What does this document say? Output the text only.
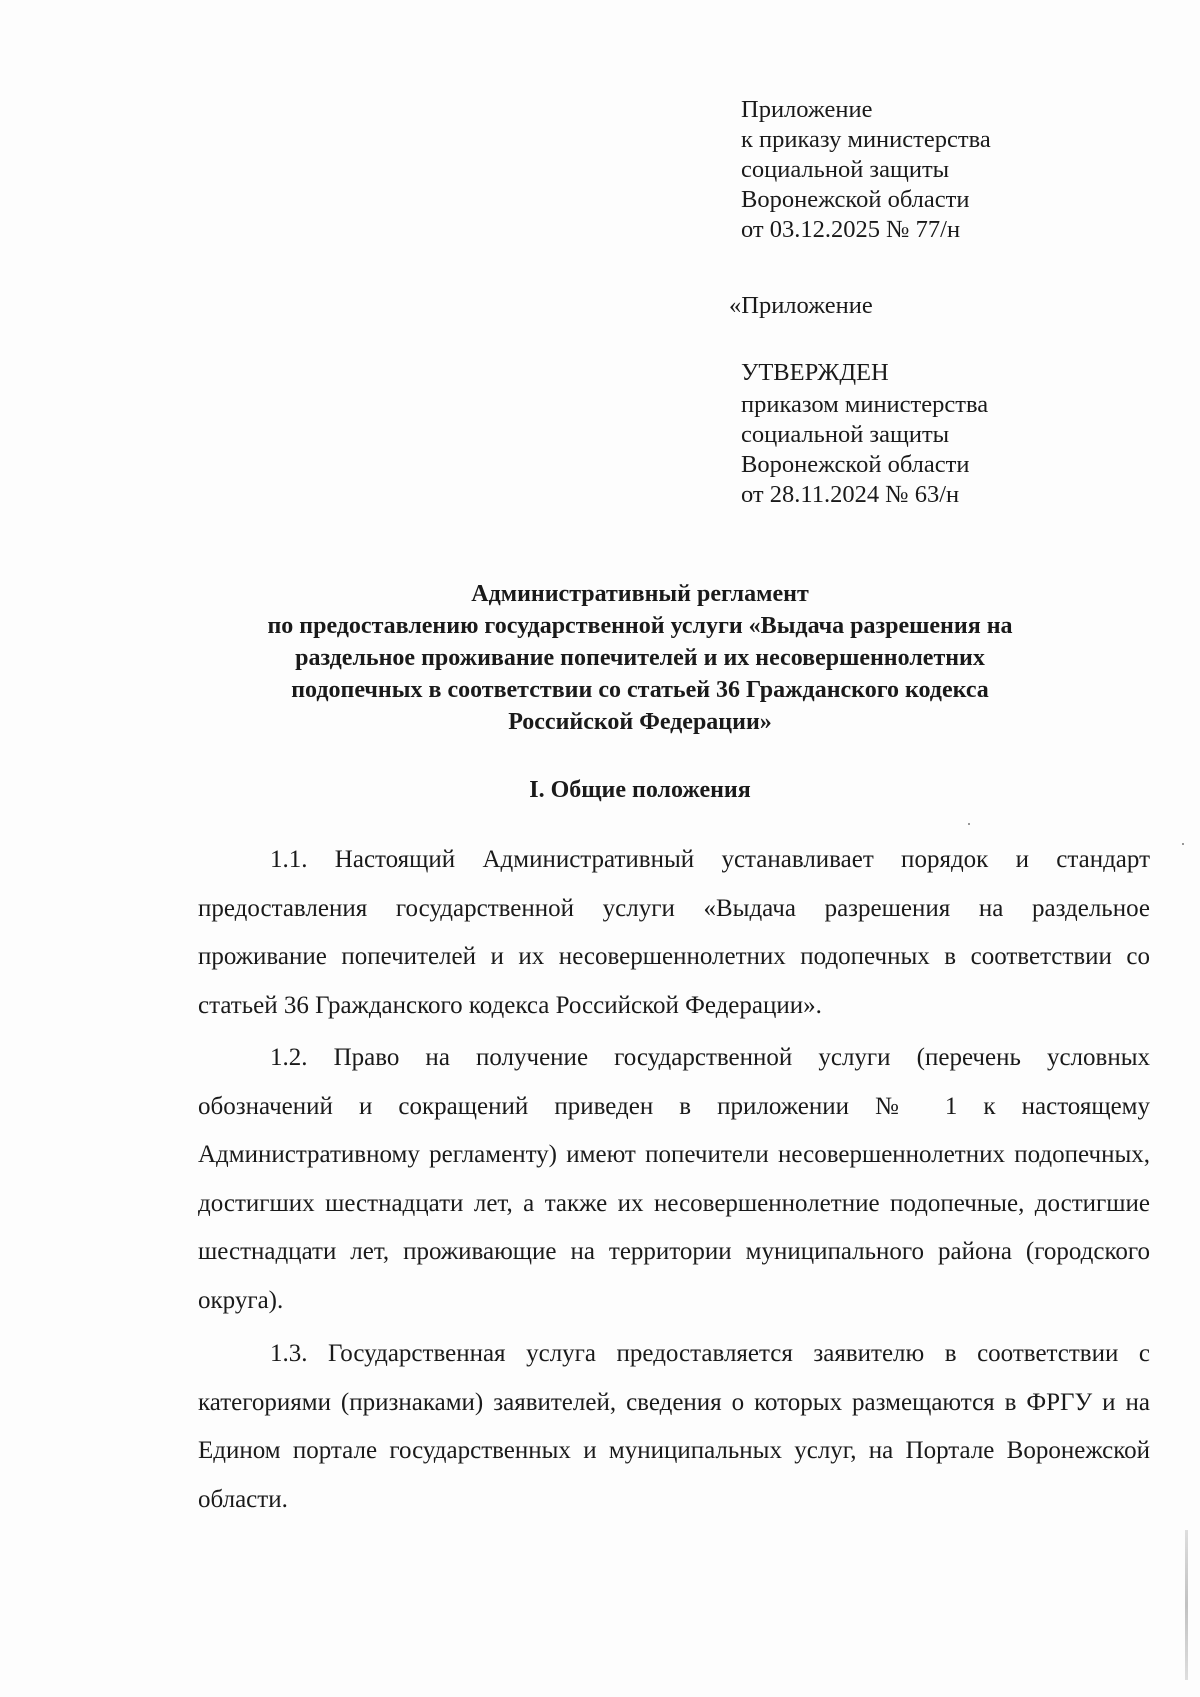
Приложение
к приказу министерства
социальной защиты
Воронежской области
от 03.12.2025 № 77/н
«Приложение
УТВЕРЖДЕН
приказом министерства
социальной защиты
Воронежской области
от 28.11.2024 № 63/н
Административный регламент
по предоставлению государственной услуги «Выдача разрешения на
раздельное проживание попечителей и их несовершеннолетних
подопечных в соответствии со статьей 36 Гражданского кодекса
Российской Федерации»
I. Общие положения

1.1. Настоящий Административный устанавливает порядок и стандарт предоставления государственной услуги «Выдача разрешения на раздельное проживание попечителей и их несовершеннолетних подопечных в соответствии со статьей 36 Гражданского кодекса Российской Федерации».

1.2. Право на получение государственной услуги (перечень условных обозначений и сокращений приведен в приложении № 1 к настоящему Административному регламенту) имеют попечители несовершеннолетних подопечных, достигших шестнадцати лет, а также их несовершеннолетние подопечные, достигшие шестнадцати лет, проживающие на территории муниципального района (городского округа).

1.3. Государственная услуга предоставляется заявителю в соответствии с категориями (признаками) заявителей, сведения о которых размещаются в ФРГУ и на Едином портале государственных и муниципальных услуг, на Портале Воронежской области.
